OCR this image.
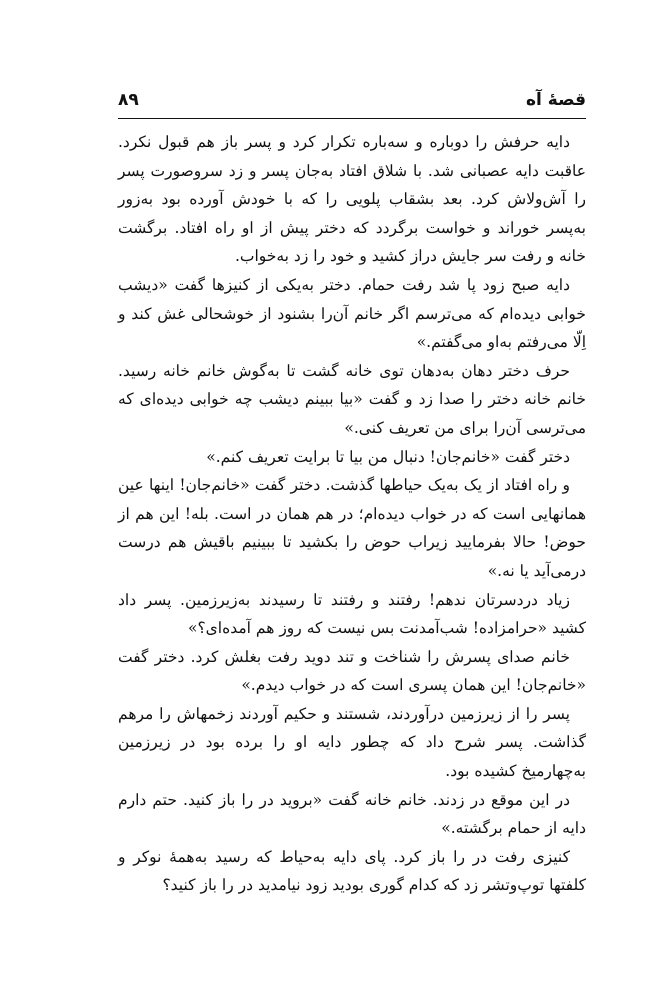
قصهٔ آه
۸۹

دایه حرفش را دوباره و سه‌باره تکرار کرد و پسر باز هم قبول نکرد. عاقبت دایه عصبانی شد. با شلاق افتاد به‌جان پسر و زد سروصورت پسر را آش‌ولاش کرد. بعد بشقاب پلویی را که با خودش آورده بود به‌زور به‌پسر خوراند و خواست برگردد که دختر پیش از او راه افتاد. برگشت خانه و رفت سر جایش دراز کشید و خود را زد به‌خواب.

دایه صبح زود پا شد رفت حمام. دختر به‌یکی از کنیزها گفت «دیشب خوابی دیده‌ام که می‌ترسم اگر خانم آن‌را بشنود از خوشحالی غش کند و اِلّا می‌رفتم به‌او می‌گفتم.»

حرف دختر دهان به‌دهان توی خانه گشت تا به‌گوش خانم خانه رسید. خانم خانه دختر را صدا زد و گفت «بیا ببینم دیشب چه خوابی دیده‌ای که می‌ترسی آن‌را برای من تعریف کنی.»

دختر گفت «خانم‌جان! دنبال من بیا تا برایت تعریف کنم.»

و راه افتاد از یک به‌یک حیاطها گذشت. دختر گفت «خانم‌جان! اینها عین همانهایی است که در خواب دیده‌ام؛ در هم همان در است. بله! این هم از حوض! حالا بفرمایید زیراب حوض را بکشید تا ببینیم باقیش هم درست درمی‌آید یا نه.»

زیاد دردسرتان ندهم! رفتند و رفتند تا رسیدند به‌زیرزمین. پسر داد کشید «حرامزاده! شب‌آمدنت بس نیست که روز هم آمده‌ای؟»

خانم صدای پسرش را شناخت و تند دوید رفت بغلش کرد. دختر گفت «خانم‌جان! این همان پسری است که در خواب دیدم.»

پسر را از زیرزمین درآوردند، شستند و حکیم آوردند زخمهاش را مرهم گذاشت. پسر شرح داد که چطور دایه او را برده بود در زیرزمین به‌چهارمیخ کشیده بود.

در این موقع در زدند. خانم خانه گفت «بروید در را باز کنید. حتم دارم دایه از حمام برگشته.»

کنیزی رفت در را باز کرد. پای دایه به‌حیاط که رسید به‌همهٔ نوکر و کلفتها توپ‌وتشر زد که کدام گوری بودید زود نیامدید در را باز کنید؟
